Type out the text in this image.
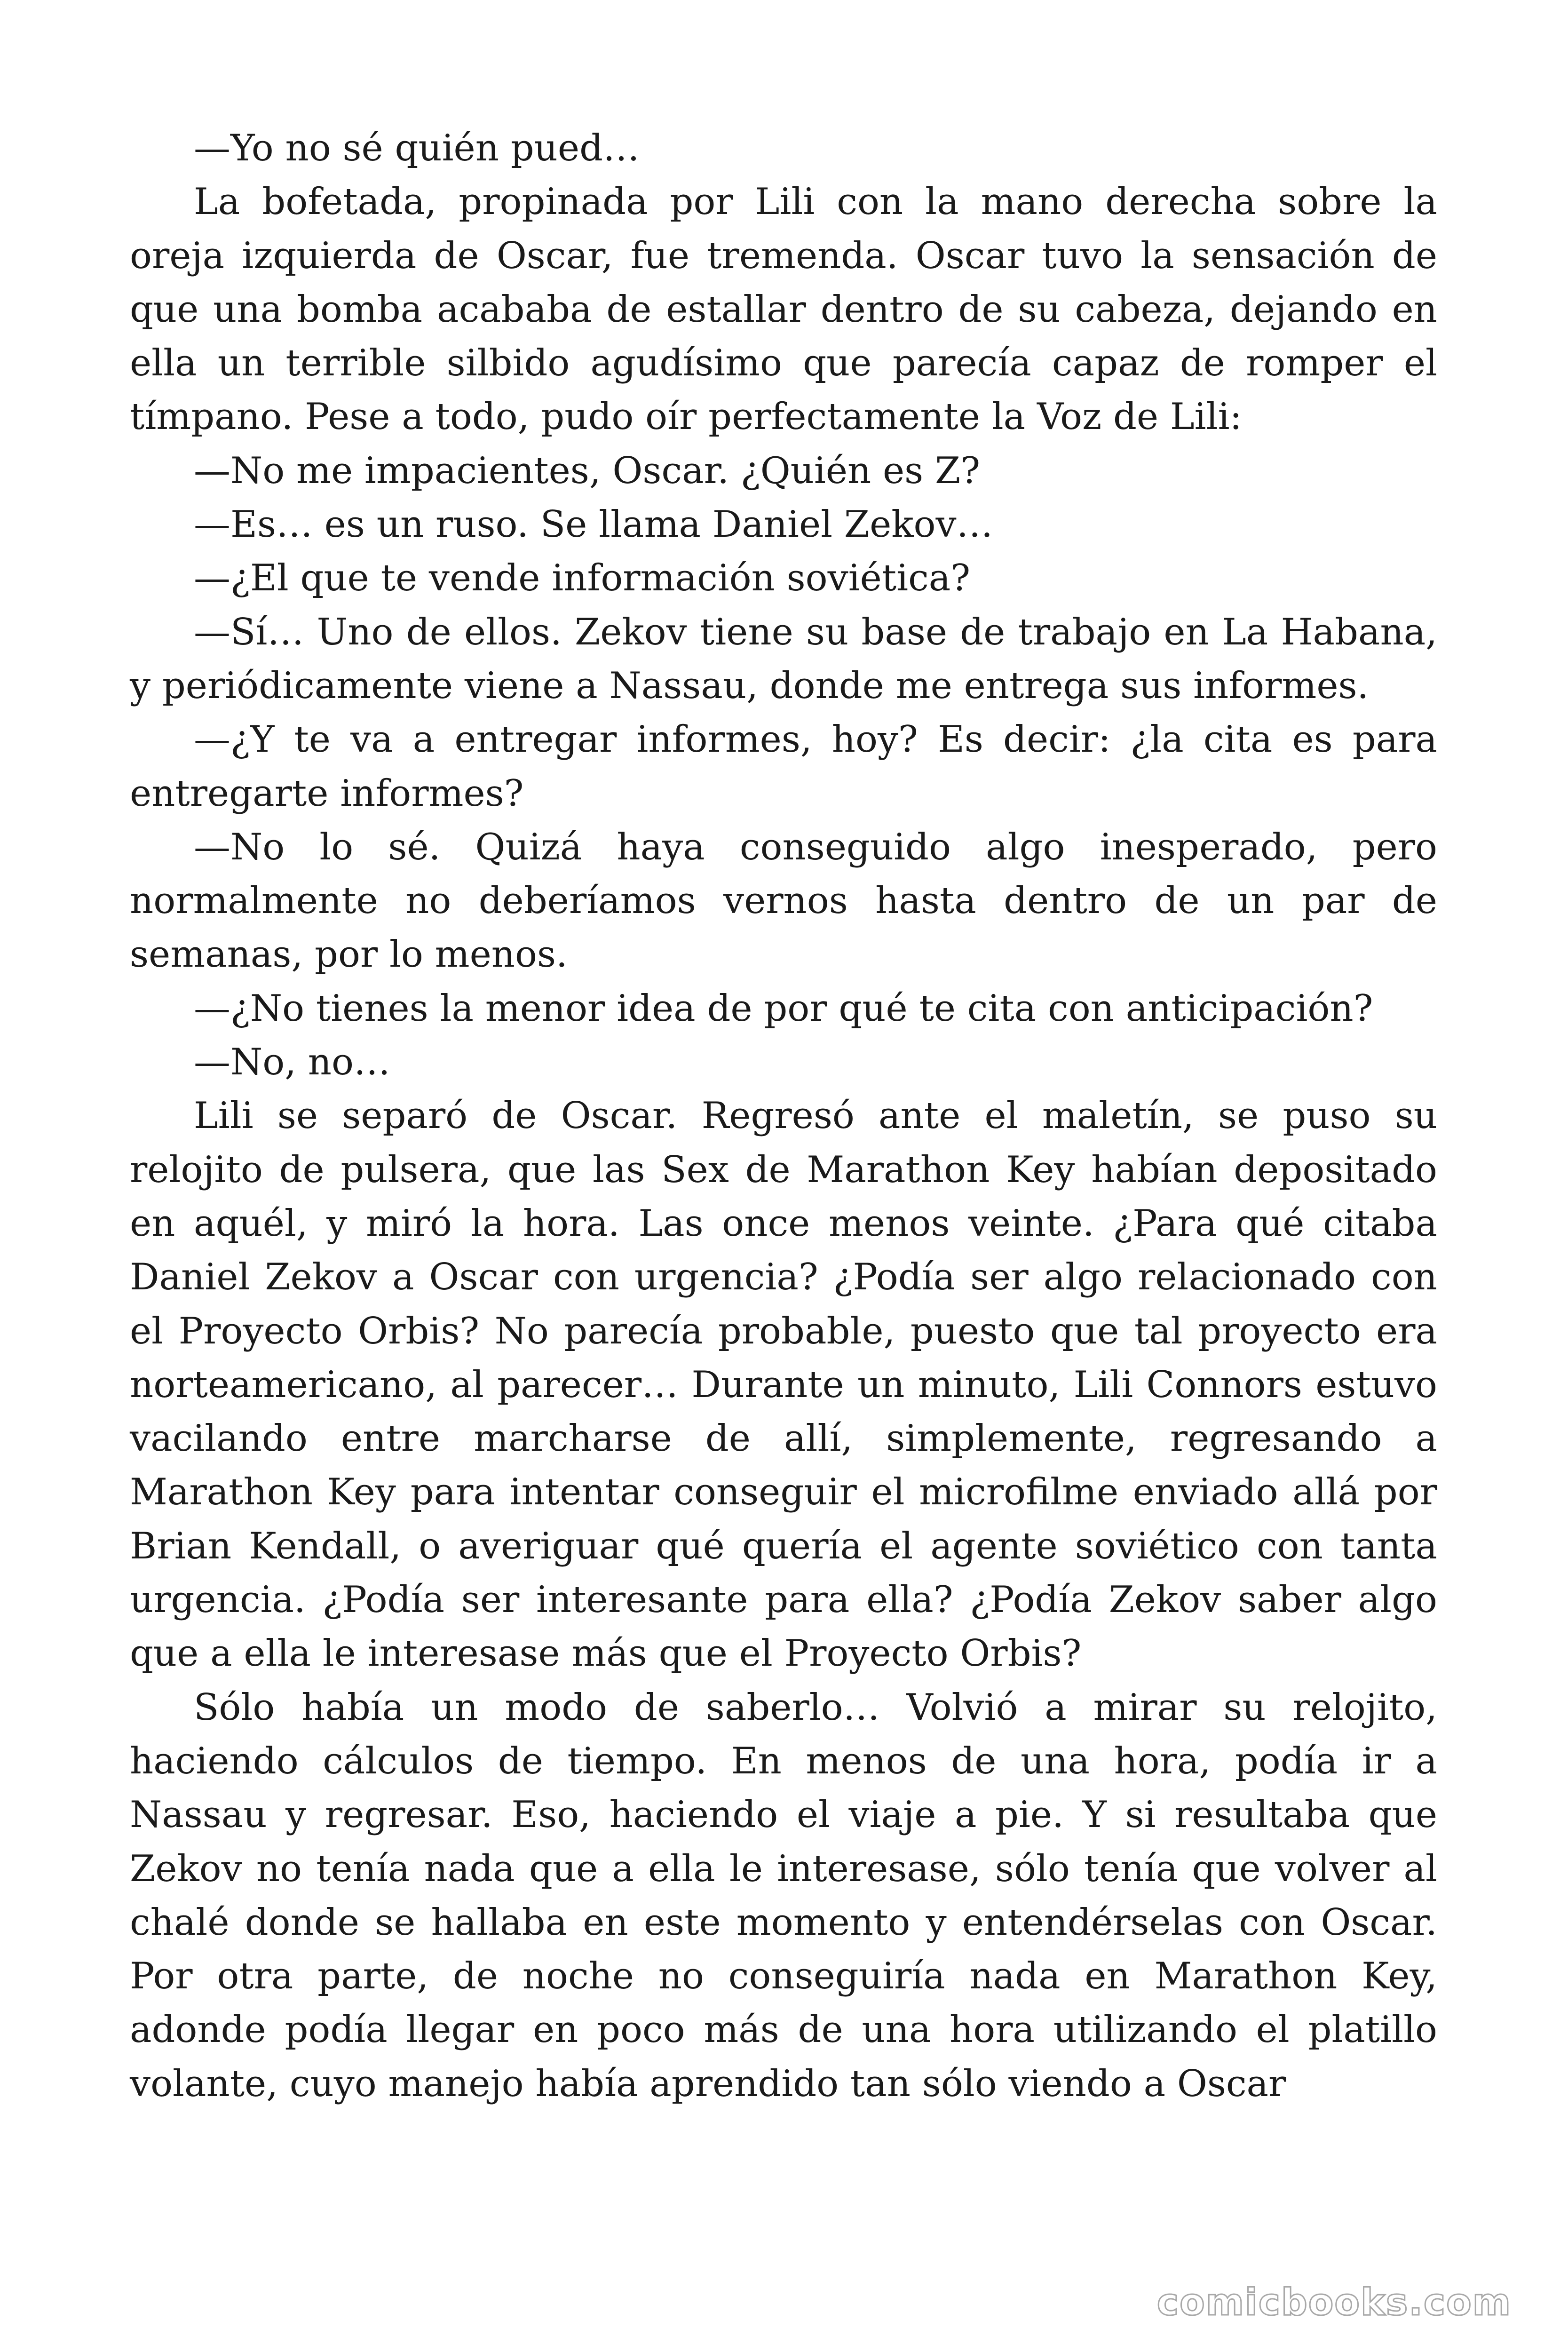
—Yo no sé quién pued…

La bofetada, propinada por Lili con la mano derecha sobre la oreja izquierda de Oscar, fue tremenda. Oscar tuvo la sensación de que una bomba acababa de estallar dentro de su cabeza, dejando en ella un terrible silbido agudísimo que parecía capaz de romper el tímpano. Pese a todo, pudo oír perfectamente la Voz de Lili:

—No me impacientes, Oscar. ¿Quién es Z?

—Es… es un ruso. Se llama Daniel Zekov…

—¿El que te vende información soviética?

—Sí… Uno de ellos. Zekov tiene su base de trabajo en La Habana, y periódicamente viene a Nassau, donde me entrega sus informes.

—¿Y te va a entregar informes, hoy? Es decir: ¿la cita es para entregarte informes?

—No lo sé. Quizá haya conseguido algo inesperado, pero normalmente no deberíamos vernos hasta dentro de un par de semanas, por lo menos.

—¿No tienes la menor idea de por qué te cita con anticipación?

—No, no…

Lili se separó de Oscar. Regresó ante el maletín, se puso su relojito de pulsera, que las Sex de Marathon Key habían depositado en aquél, y miró la hora. Las once menos veinte. ¿Para qué citaba Daniel Zekov a Oscar con urgencia? ¿Podía ser algo relacionado con el Proyecto Orbis? No parecía probable, puesto que tal proyecto era norteamericano, al parecer… Durante un minuto, Lili Connors estuvo vacilando entre marcharse de allí, simplemente, regresando a Marathon Key para intentar conseguir el microfilme enviado allá por Brian Kendall, o averiguar qué quería el agente soviético con tanta urgencia. ¿Podía ser interesante para ella? ¿Podía Zekov saber algo que a ella le interesase más que el Proyecto Orbis?

Sólo había un modo de saberlo… Volvió a mirar su relojito, haciendo cálculos de tiempo. En menos de una hora, podía ir a Nassau y regresar. Eso, haciendo el viaje a pie. Y si resultaba que Zekov no tenía nada que a ella le interesase, sólo tenía que volver al chalé donde se hallaba en este momento y entendérselas con Oscar. Por otra parte, de noche no conseguiría nada en Marathon Key, adonde podía llegar en poco más de una hora utilizando el platillo volante, cuyo manejo había aprendido tan sólo viendo a Oscar

comicbooks.com
